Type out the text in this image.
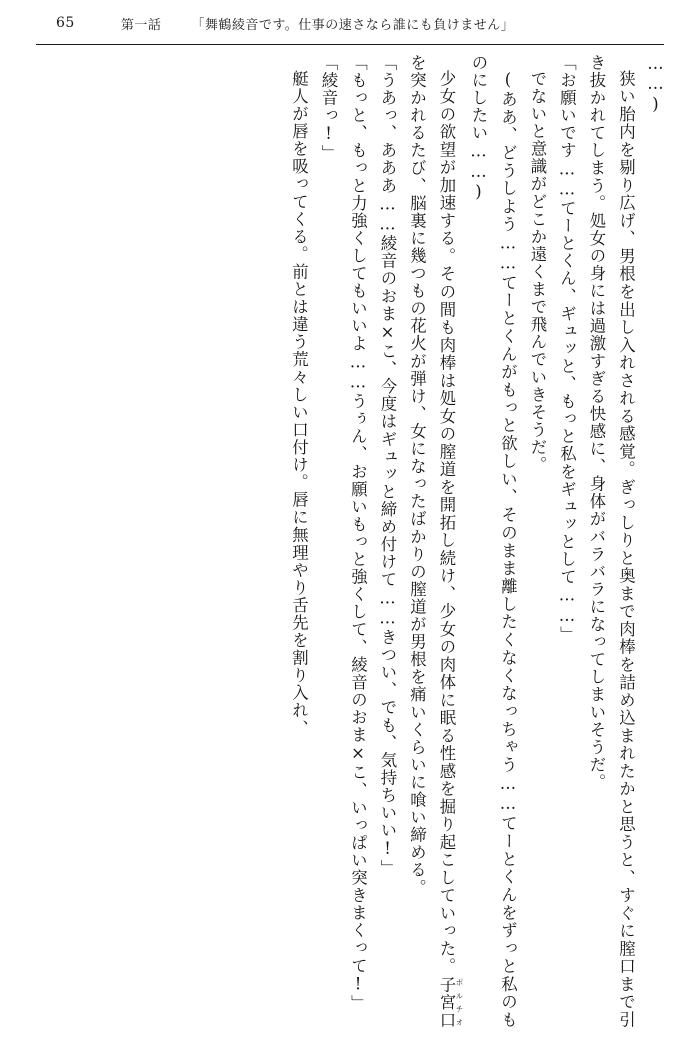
65	第一話 「舞鶴綾音です。仕事の速さなら誰にも負けません」

……)

狭い胎内を剔り広げ、男根を出し入れされる感覚。ぎっしりと奥まで肉棒を詰め込まれたかと思うと、すぐに膣口まで引き抜かれてしまう。処女の身には過激すぎる快感に、身体がバラバラになってしまいそうだ。

「お願いです……てーとくん、ギュッと、もっと私をギュッとして……」

でないと意識がどこか遠くまで飛んでいきそうだ。

(ああ、どうしよう……てーとくんがもっと欲しい、そのまま離したくなくなっちゃう……てーとくんをずっと私のものにしたい……)

少女の欲望が加速する。その間も肉棒は処女の膣道を開拓し続け、少女の肉体に眠る性感を掘り起こしていった。子宮口 ポルチオを突かれるたび、脳裏に幾つもの花火が弾け、女になったばかりの膣道が男根を痛いくらいに喰い締める。

「うあっ、あああ……綾音のおま×こ、今度はギュッと締め付けて……きつい、でも、気持ちいい!」

「もっと、もっと力強くしてもいいよ……うぅん、お願いもっと強くして、綾音のおま×こ、いっぱい突きまくって!」

「綾音っ!」

艇人が唇を吸ってくる。前とは違う荒々しい口付け。唇に無理やり舌先を割り入れ、
